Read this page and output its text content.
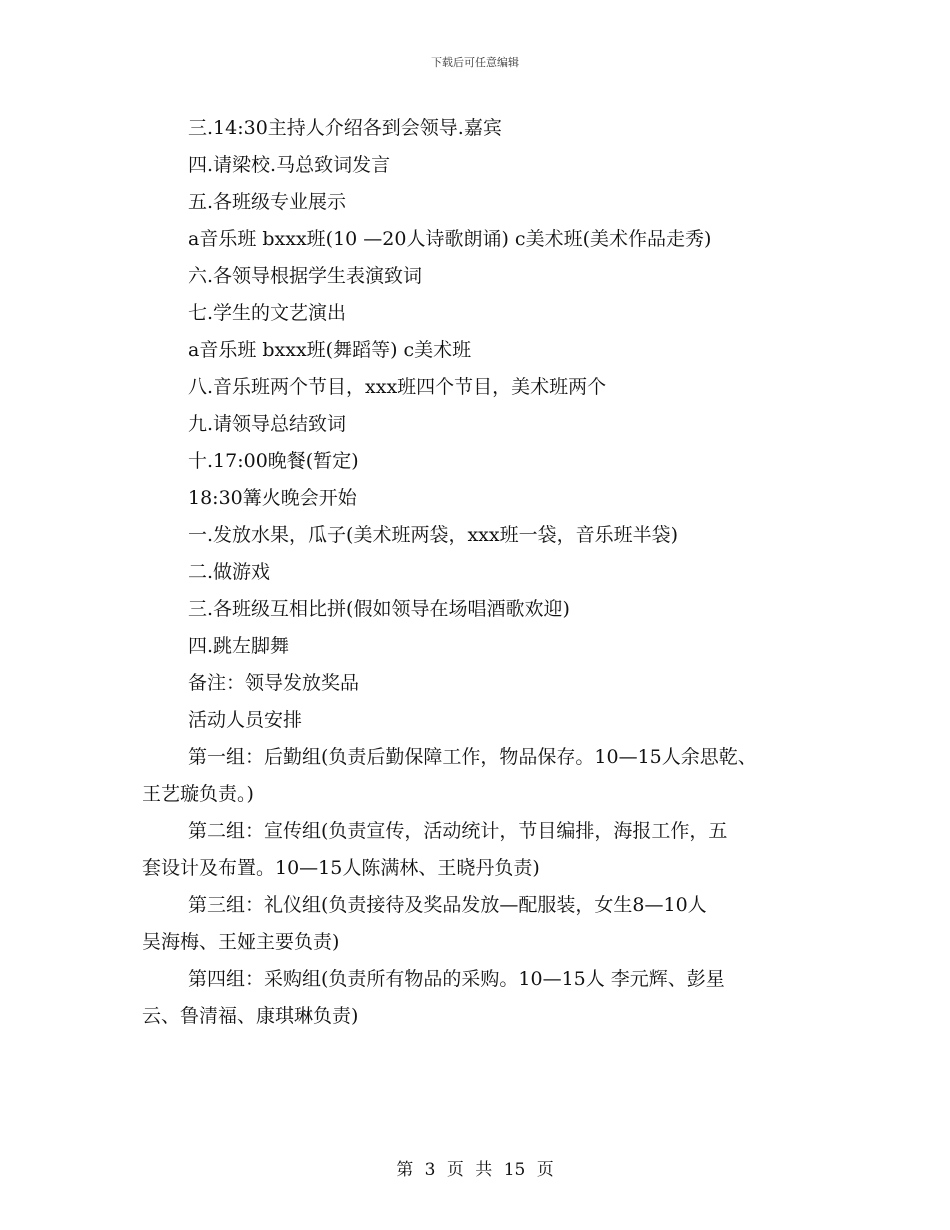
下载后可任意编辑
三.14:30主持人介绍各到会领导.嘉宾
四.请梁校.马总致词发言
五.各班级专业展示
a音乐班 bxxx班(10 —20人诗歌朗诵) c美术班(美术作品走秀)
六.各领导根据学生表演致词
七.学生的文艺演出
a音乐班 bxxx班(舞蹈等) c美术班
八.音乐班两个节目，xxx班四个节目，美术班两个
九.请领导总结致词
十.17:00晚餐(暂定)
18:30篝火晚会开始
一.发放水果，瓜子(美术班两袋，xxx班一袋，音乐班半袋)
二.做游戏
三.各班级互相比拼(假如领导在场唱酒歌欢迎)
四.跳左脚舞
备注：领导发放奖品
活动人员安排
第一组：后勤组(负责后勤保障工作，物品保存。10—15人余思乾、
王艺璇负责。)
第二组：宣传组(负责宣传，活动统计，节目编排，海报工作，五
套设计及布置。10—15人陈满林、王晓丹负责)
第三组：礼仪组(负责接待及奖品发放—配服装，女生8—10人
吴海梅、王娅主要负责)
第四组：采购组(负责所有物品的采购。10—15人 李元辉、彭星
云、鲁清福、康琪琳负责)
第 3 页 共 15 页
